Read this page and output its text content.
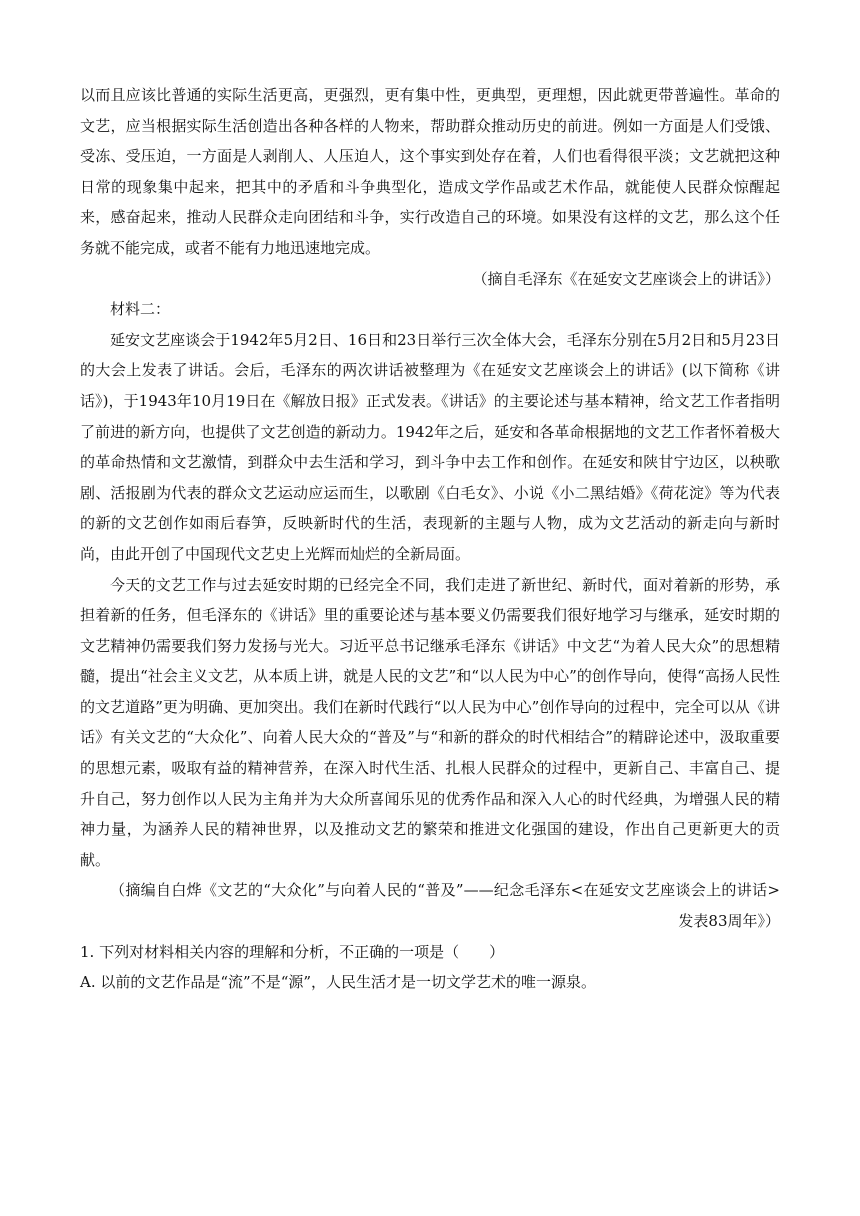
以而且应该比普通的实际生活更高，更强烈，更有集中性，更典型，更理想，因此就更带普遍性。革命的文艺，应当根据实际生活创造出各种各样的人物来，帮助群众推动历史的前进。例如一方面是人们受饿、受冻、受压迫，一方面是人剥削人、人压迫人，这个事实到处存在着，人们也看得很平淡；文艺就把这种日常的现象集中起来，把其中的矛盾和斗争典型化，造成文学作品或艺术作品，就能使人民群众惊醒起来，感奋起来，推动人民群众走向团结和斗争，实行改造自己的环境。如果没有这样的文艺，那么这个任务就不能完成，或者不能有力地迅速地完成。

（摘自毛泽东《在延安文艺座谈会上的讲话》）

材料二：

延安文艺座谈会于1942年5月2日、16日和23日举行三次全体大会，毛泽东分别在5月2日和5月23日的大会上发表了讲话。会后，毛泽东的两次讲话被整理为《在延安文艺座谈会上的讲话》(以下简称《讲话》)，于1943年10月19日在《解放日报》正式发表。《讲话》的主要论述与基本精神，给文艺工作者指明了前进的新方向，也提供了文艺创造的新动力。1942年之后，延安和各革命根据地的文艺工作者怀着极大的革命热情和文艺激情，到群众中去生活和学习，到斗争中去工作和创作。在延安和陕甘宁边区，以秧歌剧、活报剧为代表的群众文艺运动应运而生，以歌剧《白毛女》、小说《小二黑结婚》《荷花淀》等为代表的新的文艺创作如雨后春笋，反映新时代的生活，表现新的主题与人物，成为文艺活动的新走向与新时尚，由此开创了中国现代文艺史上光辉而灿烂的全新局面。

今天的文艺工作与过去延安时期的已经完全不同，我们走进了新世纪、新时代，面对着新的形势，承担着新的任务，但毛泽东的《讲话》里的重要论述与基本要义仍需要我们很好地学习与继承，延安时期的文艺精神仍需要我们努力发扬与光大。习近平总书记继承毛泽东《讲话》中文艺“为着人民大众”的思想精髓，提出“社会主义文艺，从本质上讲，就是人民的文艺”和“以人民为中心”的创作导向，使得“高扬人民性的文艺道路”更为明确、更加突出。我们在新时代践行“以人民为中心”创作导向的过程中，完全可以从《讲话》有关文艺的“大众化”、向着人民大众的“普及”与“和新的群众的时代相结合”的精辟论述中，汲取重要的思想元素，吸取有益的精神营养，在深入时代生活、扎根人民群众的过程中，更新自己、丰富自己、提升自己，努力创作以人民为主角并为大众所喜闻乐见的优秀作品和深入人心的时代经典，为增强人民的精神力量，为涵养人民的精神世界，以及推动文艺的繁荣和推进文化强国的建设，作出自己更新更大的贡献。

（摘编自白烨《文艺的“大众化”与向着人民的“普及”——纪念毛泽东<在延安文艺座谈会上的讲话>发表83周年》）

1. 下列对材料相关内容的理解和分析，不正确的一项是（　　）

A. 以前的文艺作品是“流”不是“源”，人民生活才是一切文学艺术的唯一源泉。
